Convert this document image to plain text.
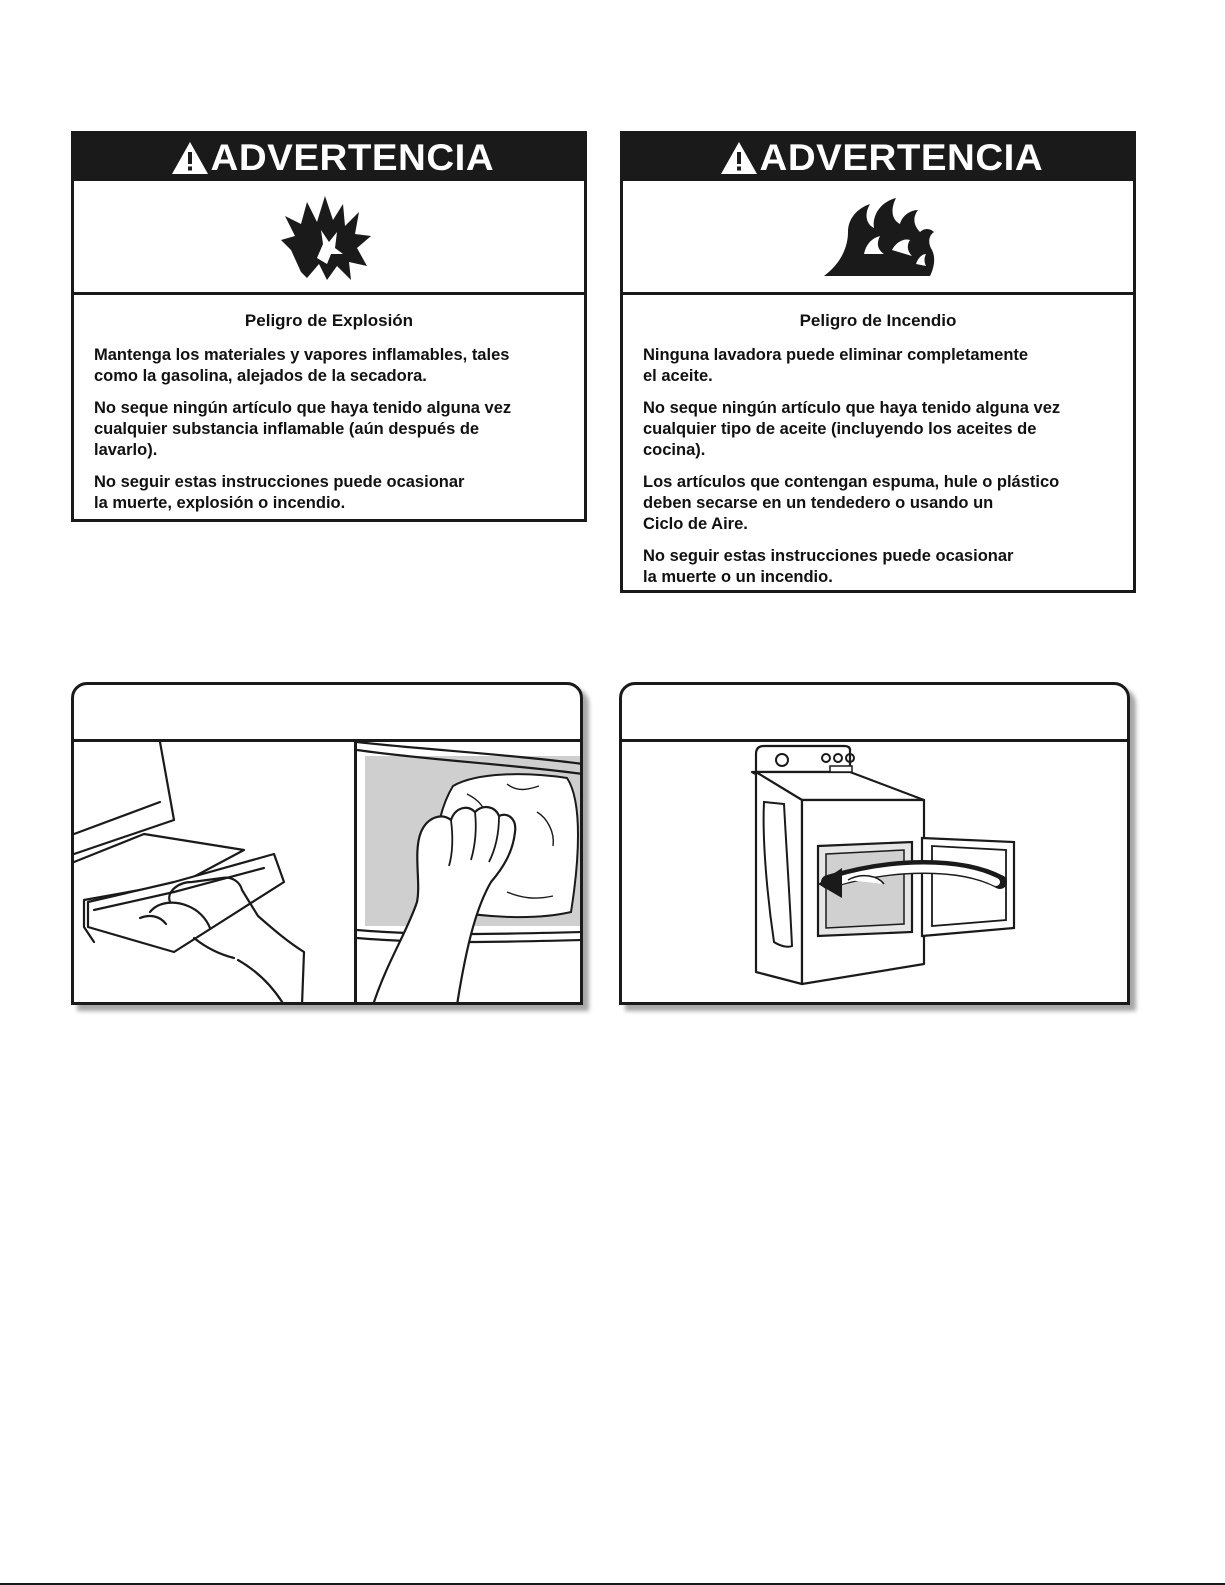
ADVERTENCIA
Peligro de Explosión

Mantenga los materiales y vapores inflamables, tales
como la gasolina, alejados de la secadora.

No seque ningún artículo que haya tenido alguna vez
cualquier substancia inflamable (aún después de
lavarlo).

No seguir estas instrucciones puede ocasionar
la muerte, explosión o incendio.

ADVERTENCIA
Peligro de Incendio

Ninguna lavadora puede eliminar completamente
el aceite.

No seque ningún artículo que haya tenido alguna vez
cualquier tipo de aceite (incluyendo los aceites de
cocina).

Los artículos que contengan espuma, hule o plástico
deben secarse en un tendedero o usando un
Ciclo de Aire.

No seguir estas instrucciones puede ocasionar
la muerte o un incendio.
